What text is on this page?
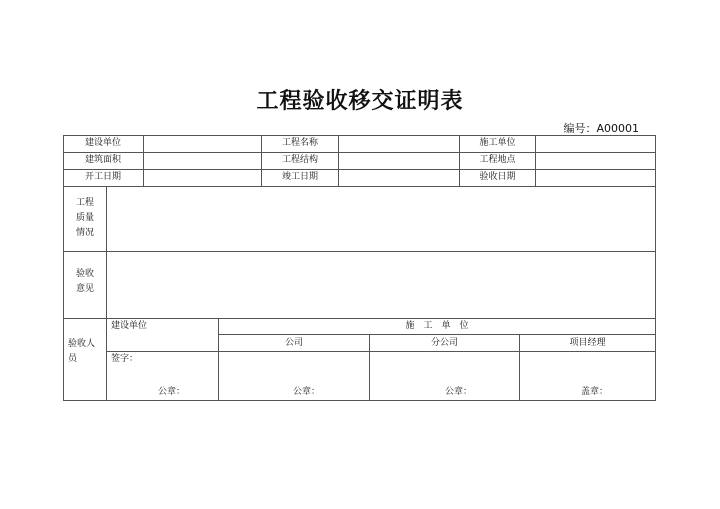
工程验收移交证明表
编号：A00001
建设单位	工程名称	施工单位
建筑面积	工程结构	工程地点
开工日期	竣工日期	验收日期
工程
质量
情况
验收
意见
验收人
员
建设单位	施　工　单　位
公司	分公司	项目经理
签字：
公章：	公章：	公章：	盖章：
